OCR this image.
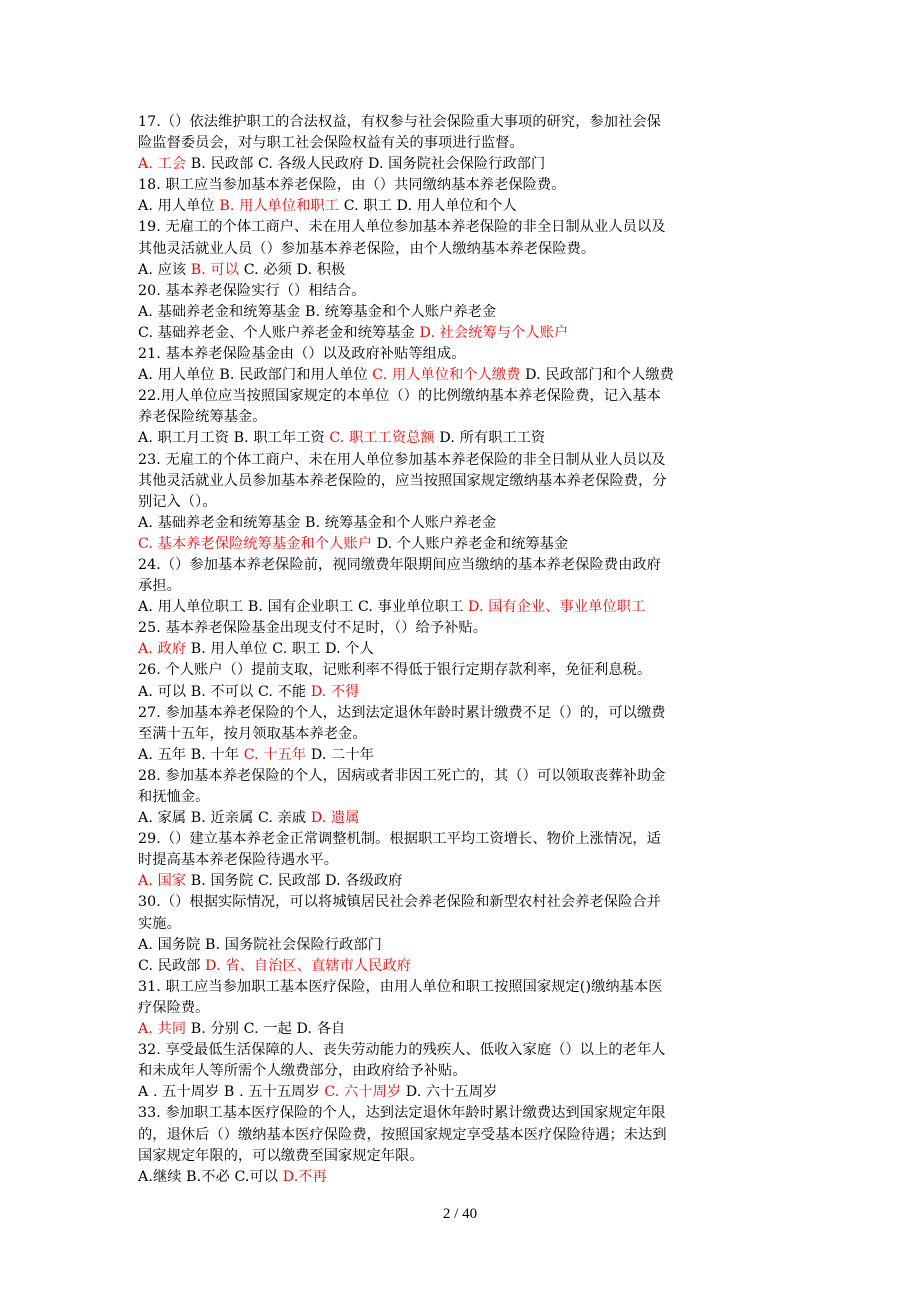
17.（）依法维护职工的合法权益，有权参与社会保险重大事项的研究，参加社会保
险监督委员会，对与职工社会保险权益有关的事项进行监督。
A. 工会 B. 民政部 C. 各级人民政府 D. 国务院社会保险行政部门
18. 职工应当参加基本养老保险，由（）共同缴纳基本养老保险费。
A. 用人单位 B. 用人单位和职工 C. 职工 D. 用人单位和个人
19. 无雇工的个体工商户、未在用人单位参加基本养老保险的非全日制从业人员以及
其他灵活就业人员（）参加基本养老保险，由个人缴纳基本养老保险费。
A. 应该 B. 可以 C. 必须 D. 积极
20. 基本养老保险实行（）相结合。
A. 基础养老金和统筹基金 B. 统筹基金和个人账户养老金
C. 基础养老金、个人账户养老金和统筹基金 D. 社会统筹与个人账户
21. 基本养老保险基金由（）以及政府补贴等组成。
A. 用人单位 B. 民政部门和用人单位 C. 用人单位和个人缴费 D. 民政部门和个人缴费
22.用人单位应当按照国家规定的本单位（）的比例缴纳基本养老保险费，记入基本
养老保险统筹基金。
A. 职工月工资 B. 职工年工资 C. 职工工资总额 D. 所有职工工资
23. 无雇工的个体工商户、未在用人单位参加基本养老保险的非全日制从业人员以及
其他灵活就业人员参加基本养老保险的，应当按照国家规定缴纳基本养老保险费，分
别记入（）。
A. 基础养老金和统筹基金 B. 统筹基金和个人账户养老金
C. 基本养老保险统筹基金和个人账户 D. 个人账户养老金和统筹基金
24.（）参加基本养老保险前，视同缴费年限期间应当缴纳的基本养老保险费由政府
承担。
A. 用人单位职工 B. 国有企业职工 C. 事业单位职工 D. 国有企业、事业单位职工
25. 基本养老保险基金出现支付不足时，（）给予补贴。
A. 政府 B. 用人单位 C. 职工 D. 个人
26. 个人账户（）提前支取，记账利率不得低于银行定期存款利率，免征利息税。
A. 可以 B. 不可以 C. 不能 D. 不得
27. 参加基本养老保险的个人，达到法定退休年龄时累计缴费不足（）的，可以缴费
至满十五年，按月领取基本养老金。
A. 五年 B. 十年 C. 十五年 D. 二十年
28. 参加基本养老保险的个人，因病或者非因工死亡的，其（）可以领取丧葬补助金
和抚恤金。
A. 家属 B. 近亲属 C. 亲戚 D. 遗属
29.（）建立基本养老金正常调整机制。根据职工平均工资增长、物价上涨情况，适
时提高基本养老保险待遇水平。
A. 国家 B. 国务院 C. 民政部 D. 各级政府
30.（）根据实际情况，可以将城镇居民社会养老保险和新型农村社会养老保险合并
实施。
A. 国务院 B. 国务院社会保险行政部门
C. 民政部 D. 省、自治区、直辖市人民政府
31. 职工应当参加职工基本医疗保险，由用人单位和职工按照国家规定()缴纳基本医
疗保险费。
A. 共同 B. 分别 C. 一起 D. 各自
32. 享受最低生活保障的人、丧失劳动能力的残疾人、低收入家庭（）以上的老年人
和未成年人等所需个人缴费部分，由政府给予补贴。
A . 五十周岁 B . 五十五周岁 C. 六十周岁 D. 六十五周岁
33. 参加职工基本医疗保险的个人，达到法定退休年龄时累计缴费达到国家规定年限
的，退休后（）缴纳基本医疗保险费，按照国家规定享受基本医疗保险待遇；未达到
国家规定年限的，可以缴费至国家规定年限。
A.继续 B.不必 C.可以 D.不再
2 / 40
